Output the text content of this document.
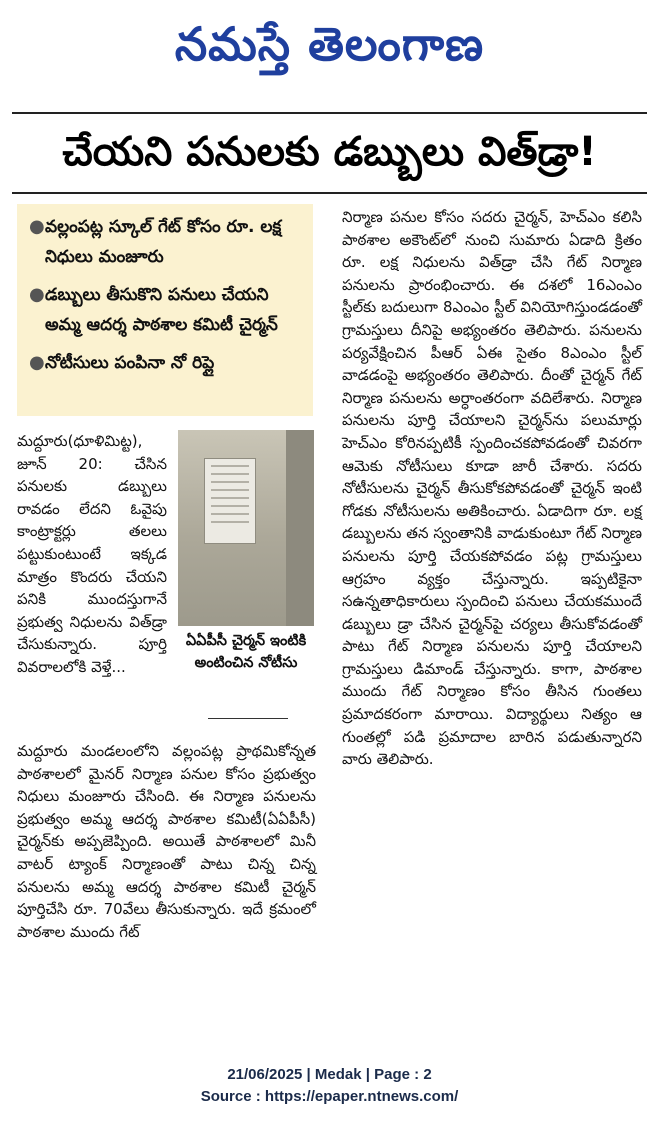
నమస్తే తెలంగాణ
చేయని పనులకు డబ్బులు విత్‌డ్రా!
● వల్లంపట్ల స్కూల్ గేట్ కోసం రూ. లక్ష నిధులు మంజూరు
● డబ్బులు తీసుకొని పనులు చేయని అమ్మ ఆదర్శ పాఠశాల కమిటీ చైర్మన్
● నోటీసులు పంపినా నో రిప్లై

మద్దూరు(ధూళిమిట్ట), జూన్ 20: చేసిన పనులకు డబ్బులు రావడం లేదని ఓవైపు కాంట్రాక్టర్లు తలలు పట్టుకుంటుంటే ఇక్కడ మాత్రం కొందరు చేయని పనికి ముందస్తుగానే ప్రభుత్వ నిధులను విత్‌డ్రా చేసుకున్నారు. పూర్తి వివరాలలోకి వెళ్తే...

ఏఏపీసీ చైర్మన్ ఇంటికి అంటించిన నోటీసు

మద్దూరు మండలంలోని వల్లంపట్ల ప్రాథమికోన్నత పాఠశాలలో మైనర్ నిర్మాణ పనుల కోసం ప్రభుత్వం నిధులు మంజూరు చేసింది. ఈ నిర్మాణ పనులను ప్రభుత్వం అమ్మ ఆదర్శ పాఠశాల కమిటీ(ఏఏపీసీ) చైర్మన్‌కు అప్పజెప్పింది. అయితే పాఠశాలలో మినీ వాటర్ ట్యాంక్ నిర్మాణంతో పాటు చిన్న చిన్న పనులను అమ్మ ఆదర్శ పాఠశాల కమిటీ చైర్మన్ పూర్తిచేసి రూ. 70వేలు తీసుకున్నారు. ఇదే క్రమంలో పాఠశాల ముందు గేట్

నిర్మాణ పనుల కోసం సదరు చైర్మన్, హెచ్ఎం కలిసి పాఠశాల అకౌంట్‌లో నుంచి సుమారు ఏడాది క్రితం రూ. లక్ష నిధులను విత్‌డ్రా చేసి గేట్ నిర్మాణ పనులను ప్రారంభించారు. ఈ దశలో 16ఎంఎం స్టీల్‌కు బదులుగా 8ఎంఎం స్టీల్ వినియోగిస్తుండడంతో గ్రామస్తులు దీనిపై అభ్యంతరం తెలిపారు. పనులను పర్యవేక్షించిన పీఆర్ ఏఈ సైతం 8ఎంఎం స్టీల్ వాడడంపై అభ్యంతరం తెలిపారు. దీంతో చైర్మన్ గేట్ నిర్మాణ పనులను అర్ధాంతరంగా వదిలేశారు. నిర్మాణ పనులను పూర్తి చేయాలని చైర్మన్‌ను పలుమార్లు హెచ్ఎం కోరినప్పటికీ స్పందించకపోవడంతో చివరగా ఆమెకు నోటీసులు కూడా జారీ చేశారు. సదరు నోటీసులను చైర్మన్ తీసుకోకపోవడంతో చైర్మన్ ఇంటి గోడకు నోటీసులను అతికించారు. ఏడాదిగా రూ. లక్ష డబ్బులను తన స్వంతానికి వాడుకుంటూ గేట్ నిర్మాణ పనులను పూర్తి చేయకపోవడం పట్ల గ్రామస్తులు ఆగ్రహం వ్యక్తం చేస్తున్నారు. ఇప్పటికైనా సఉన్నతాధికారులు స్పందించి పనులు చేయకముందే డబ్బులు డ్రా చేసిన చైర్మన్‌పై చర్యలు తీసుకోవడంతో పాటు గేట్ నిర్మాణ పనులను పూర్తి చేయాలని గ్రామస్తులు డిమాండ్ చేస్తున్నారు. కాగా, పాఠశాల ముందు గేట్ నిర్మాణం కోసం తీసిన గుంతలు ప్రమాదకరంగా మారాయి. విద్యార్థులు నిత్యం ఆ గుంతల్లో పడి ప్రమాదాల బారిన పడుతున్నారని వారు తెలిపారు.

21/06/2025 | Medak | Page : 2
Source : https://epaper.ntnews.com/
